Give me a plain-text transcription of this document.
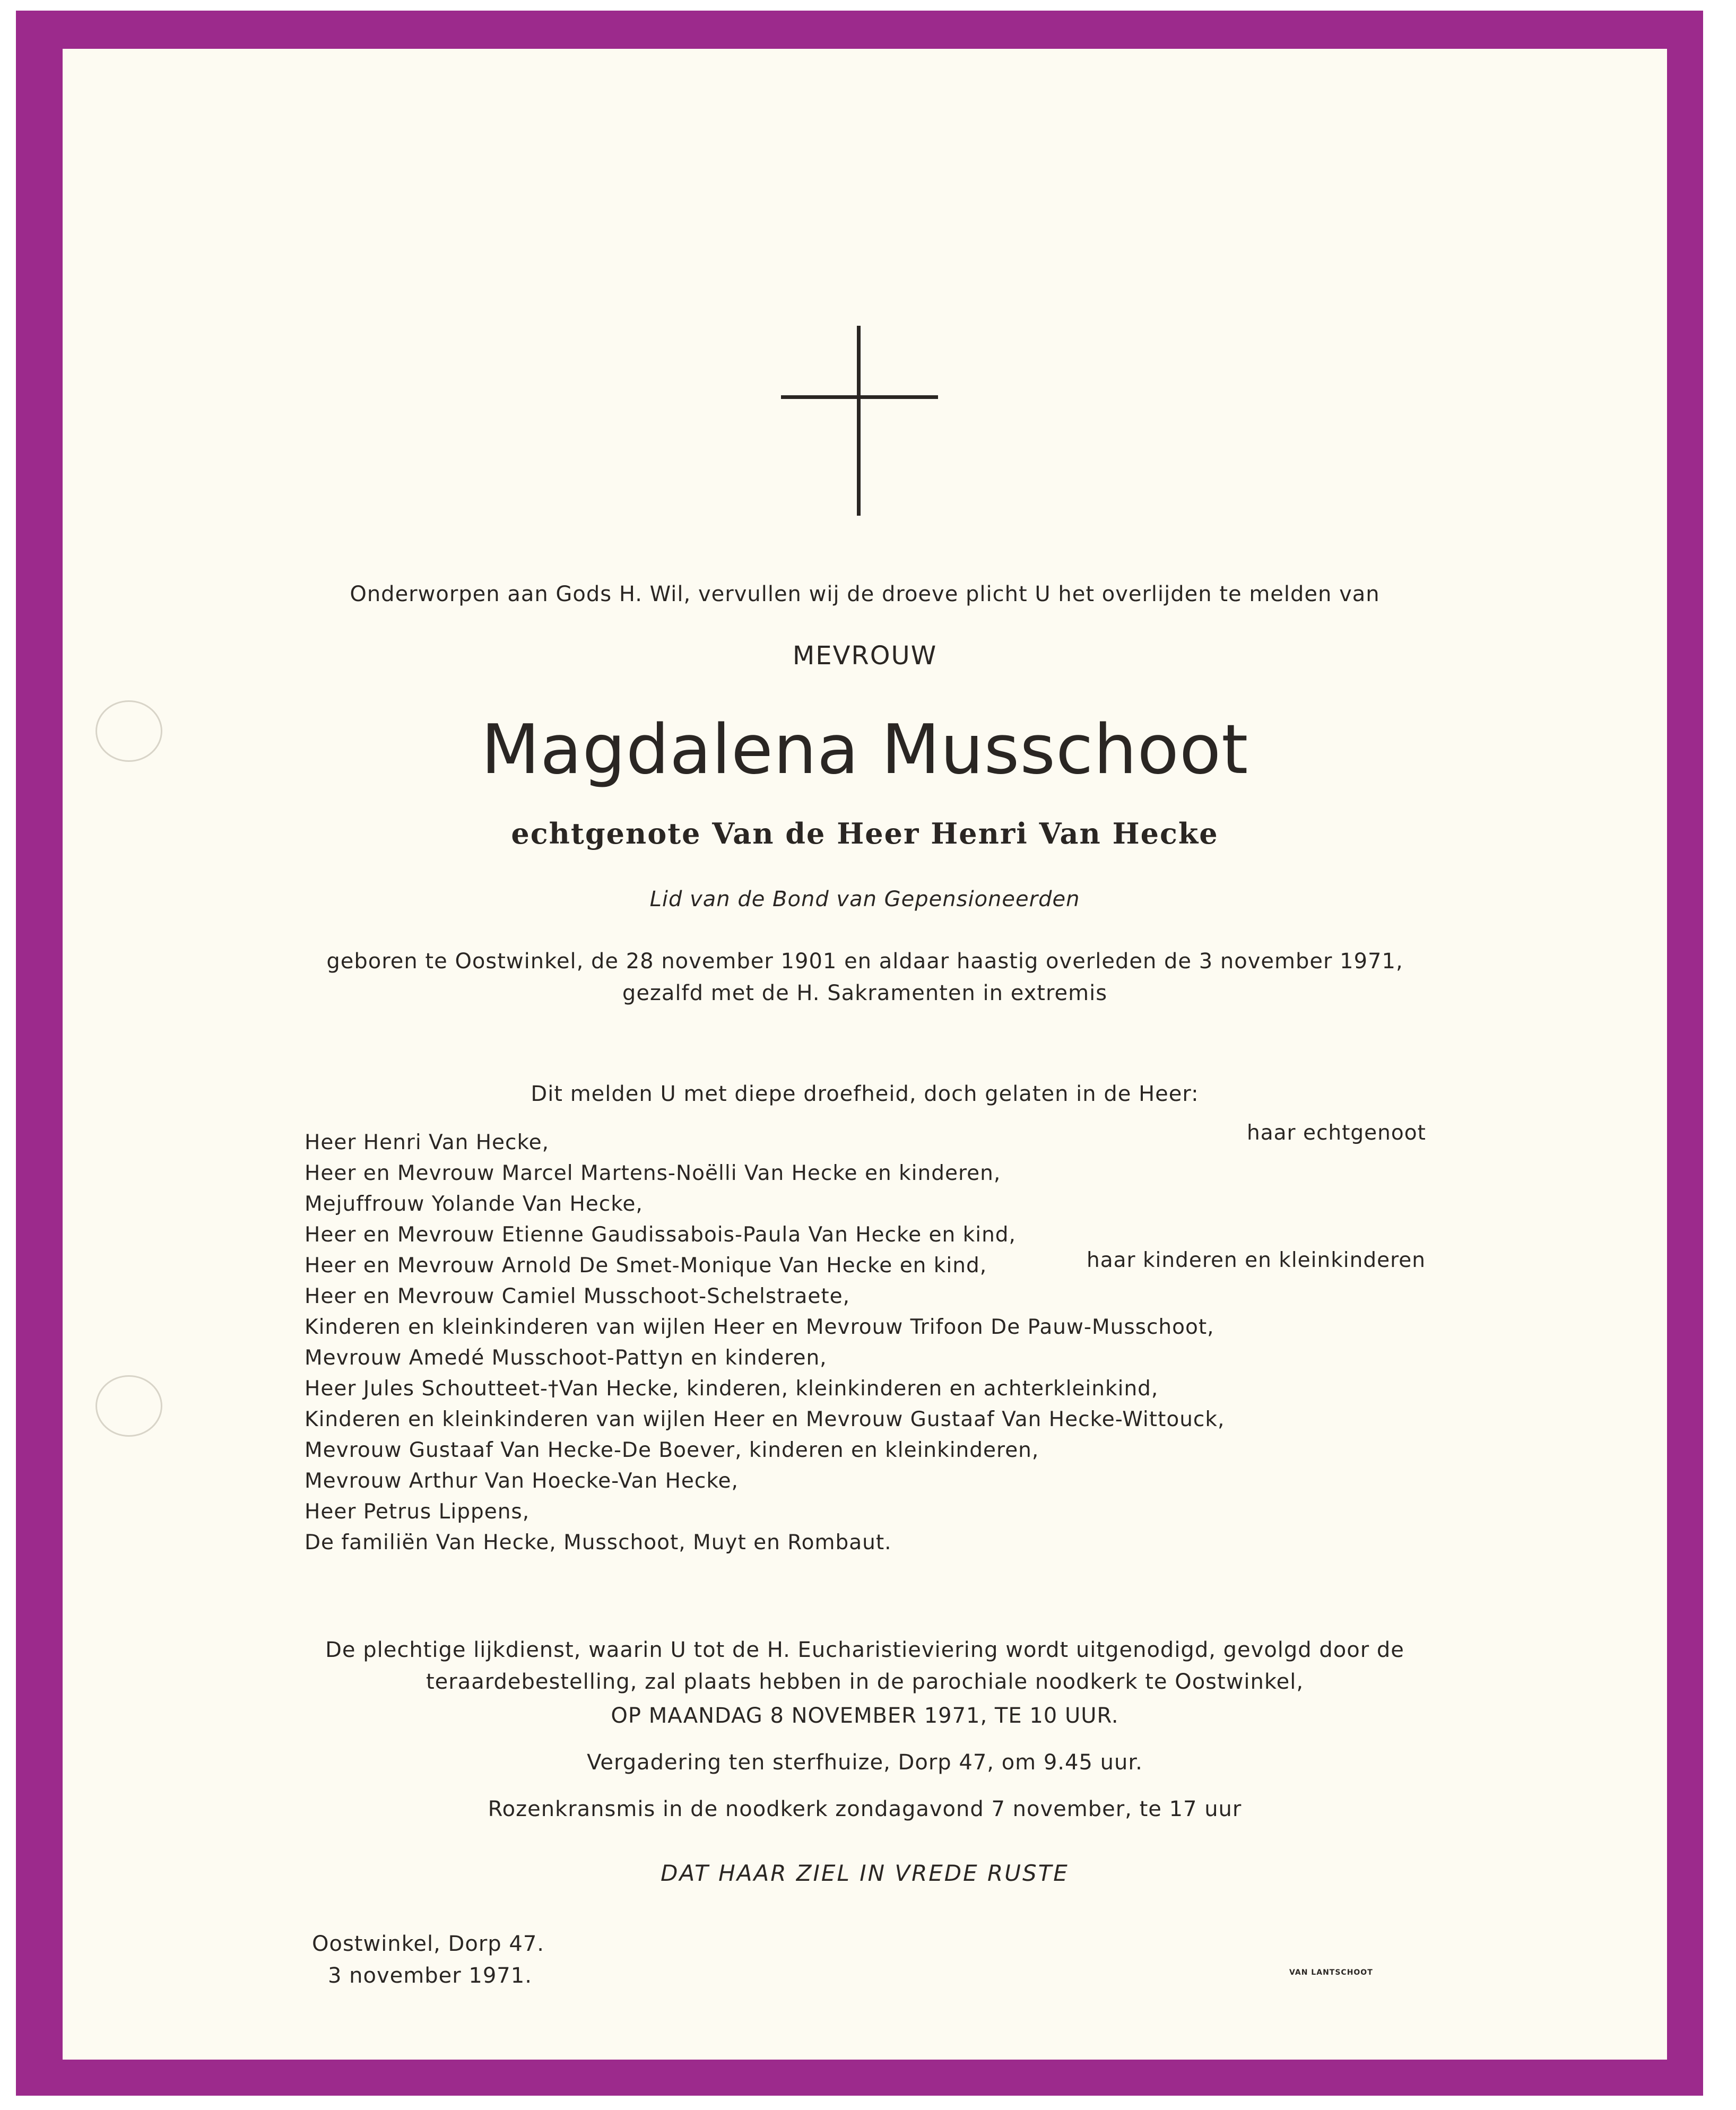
Onderworpen aan Gods H. Wil, vervullen wij de droeve plicht U het overlijden te melden van
MEVROUW
Magdalena Musschoot
echtgenote Van de Heer Henri Van Hecke
Lid van de Bond van Gepensioneerden
geboren te Oostwinkel, de 28 november 1901 en aldaar haastig overleden de 3 november 1971,
gezalfd met de H. Sakramenten in extremis
Dit melden U met diepe droefheid, doch gelaten in de Heer:
Heer Henri Van Hecke,
Heer en Mevrouw Marcel Martens-Noëlli Van Hecke en kinderen,
Mejuffrouw Yolande Van Hecke,
Heer en Mevrouw Etienne Gaudissabois-Paula Van Hecke en kind,
Heer en Mevrouw Arnold De Smet-Monique Van Hecke en kind,
Heer en Mevrouw Camiel Musschoot-Schelstraete,
Kinderen en kleinkinderen van wijlen Heer en Mevrouw Trifoon De Pauw-Musschoot,
Mevrouw Amedé Musschoot-Pattyn en kinderen,
Heer Jules Schoutteet-†Van Hecke, kinderen, kleinkinderen en achterkleinkind,
Kinderen en kleinkinderen van wijlen Heer en Mevrouw Gustaaf Van Hecke-Wittouck,
Mevrouw Gustaaf Van Hecke-De Boever, kinderen en kleinkinderen,
Mevrouw Arthur Van Hoecke-Van Hecke,
Heer Petrus Lippens,
De familiën Van Hecke, Musschoot, Muyt en Rombaut.
haar echtgenoot
haar kinderen en kleinkinderen
De plechtige lijkdienst, waarin U tot de H. Eucharistieviering wordt uitgenodigd, gevolgd door de
teraardebestelling, zal plaats hebben in de parochiale noodkerk te Oostwinkel,
OP MAANDAG 8 NOVEMBER 1971, TE 10 UUR.
Vergadering ten sterfhuize, Dorp 47, om 9.45 uur.
Rozenkransmis in de noodkerk zondagavond 7 november, te 17 uur
DAT HAAR ZIEL IN VREDE RUSTE
Oostwinkel, Dorp 47.
3 november 1971.	VAN LANTSCHOOT
